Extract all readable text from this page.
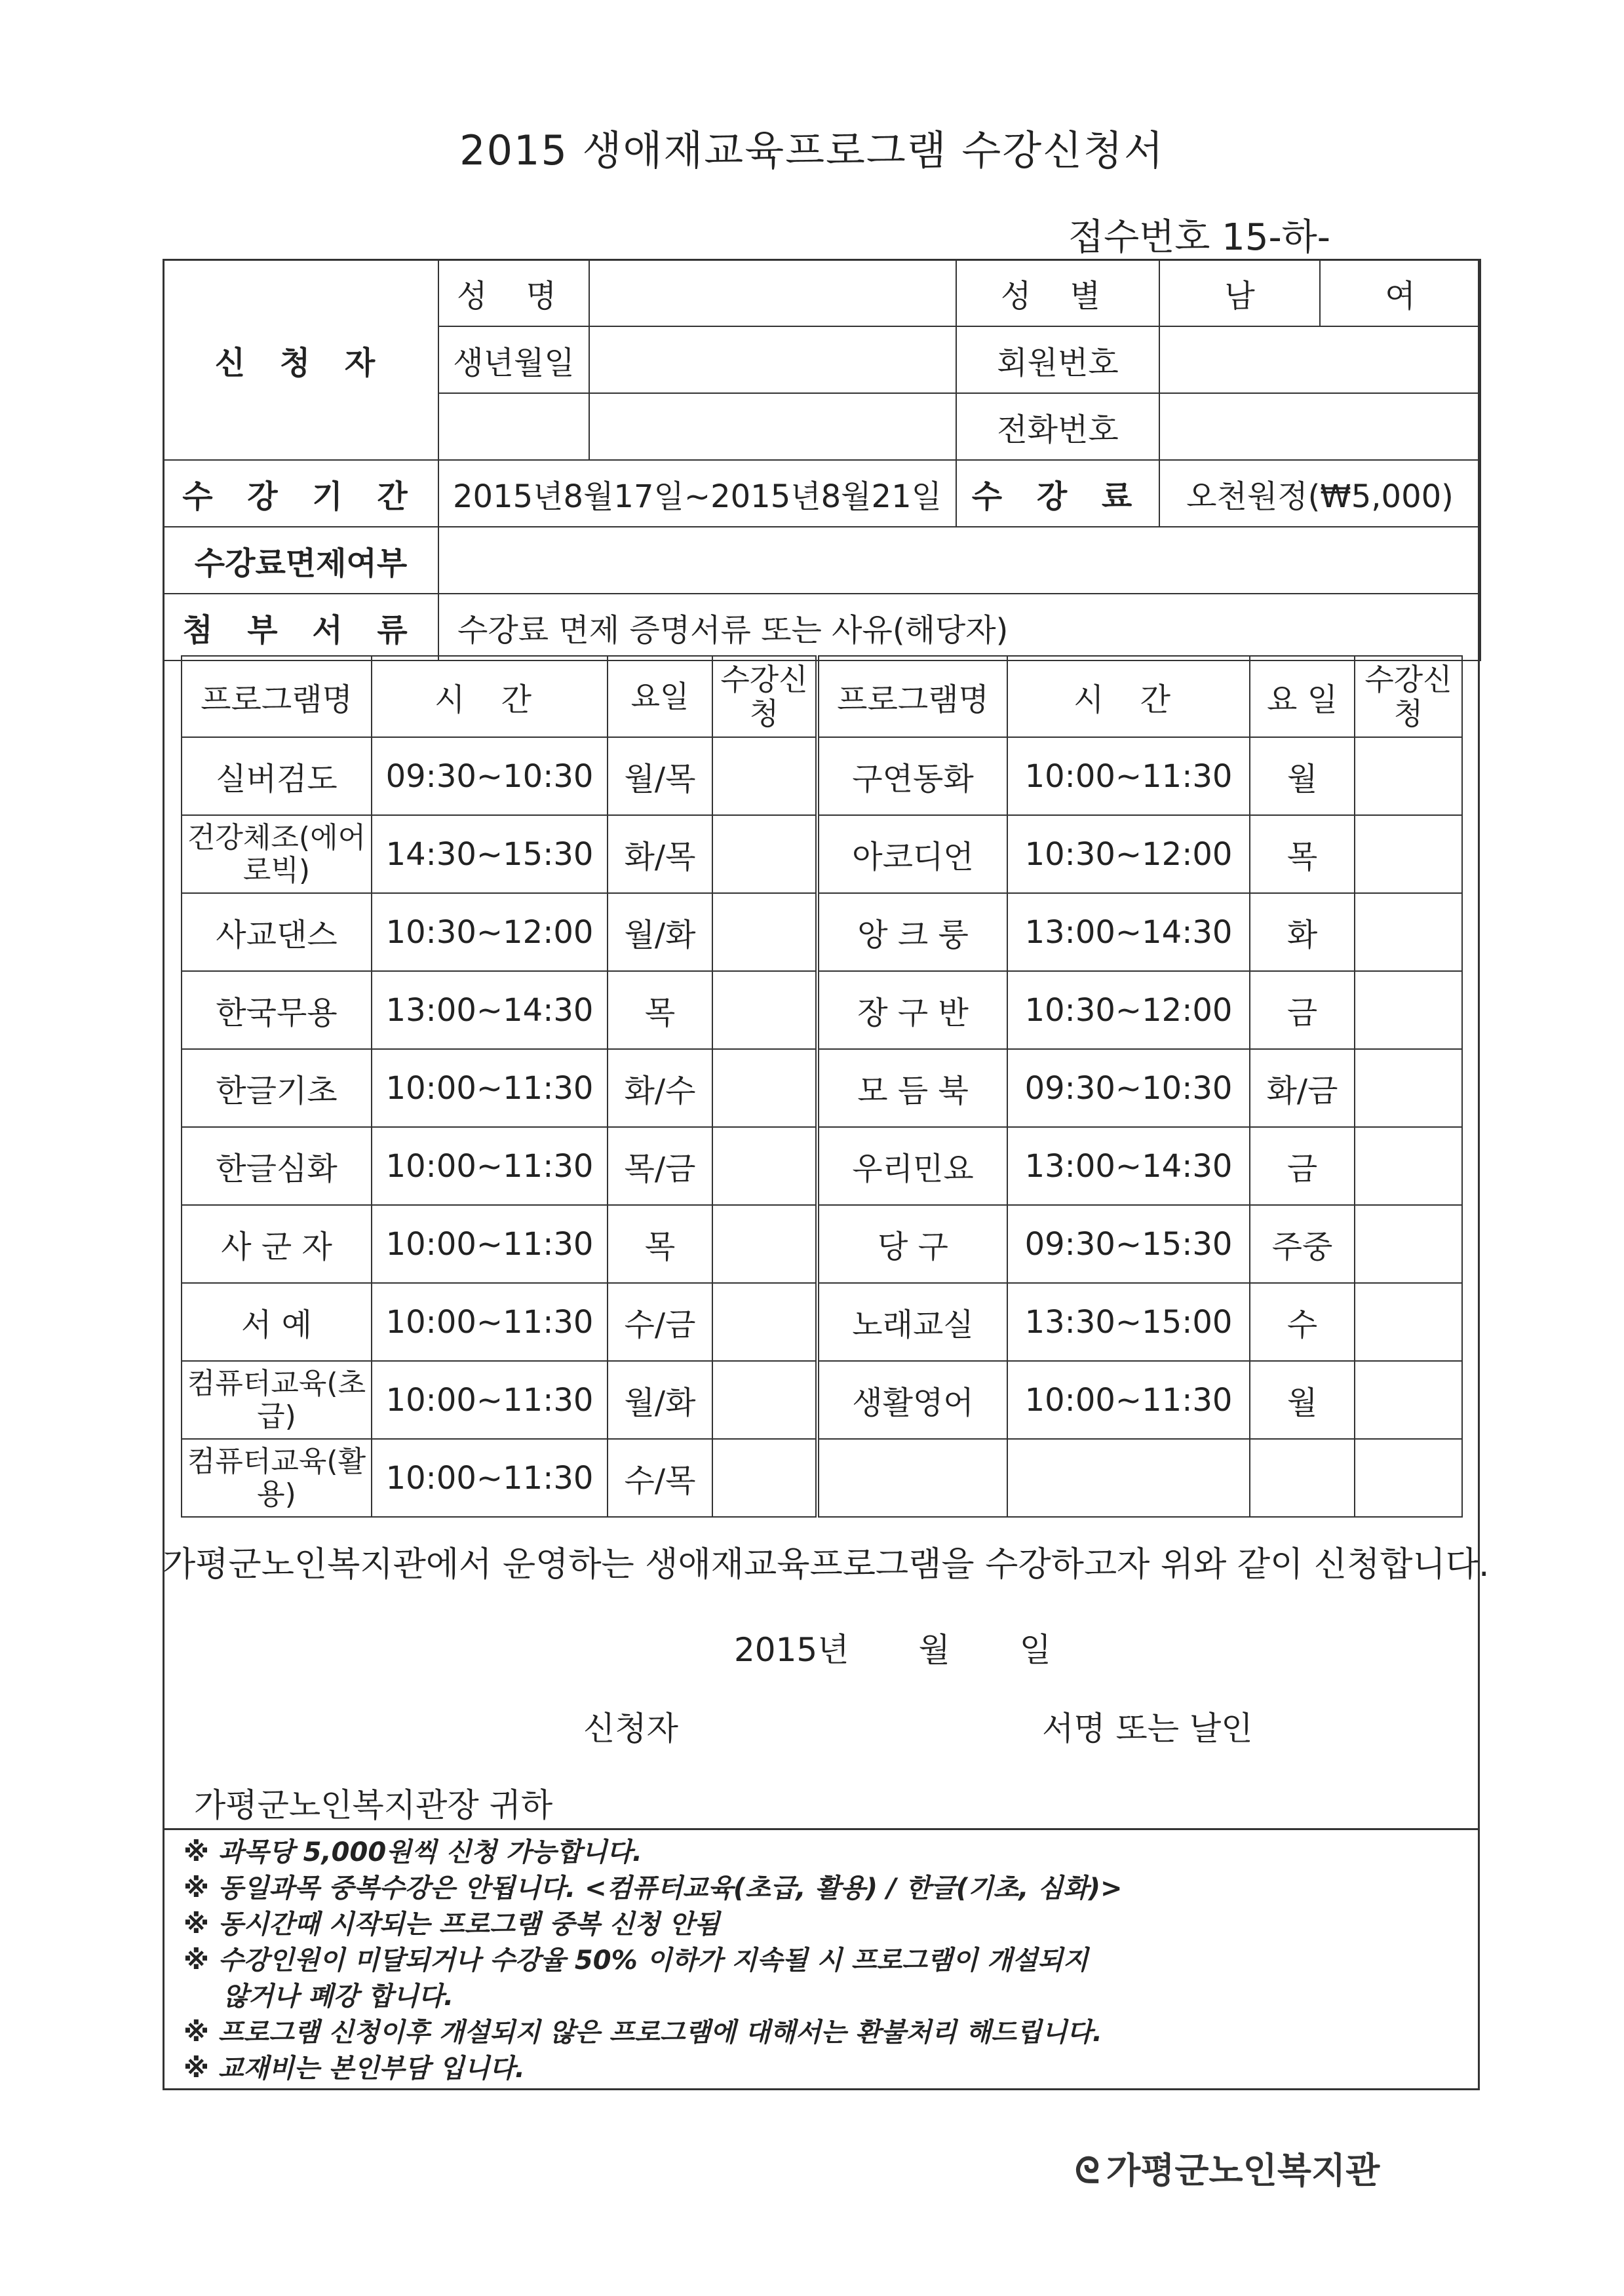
2015 생애재교육프로그램 수강신청서
접수번호 15-하-
신 청 자	성 명		성 별	남	여
	생년월일		회원번호		
			전화번호		
수 강 기 간	2015년8월17일~2015년8월21일		수 강 료	오천원정(₩5,000)	
수강료면제여부					
첨 부 서 류	수강료 면제 증명서류 또는 사유(해당자)				
프로그램명	시 간	요일	수강신청	프로그램명	시 간	요 일	수강신청
실버검도	09:30~10:30	월/목		구연동화	10:00~11:30	월	
건강체조(에어로빅)	14:30~15:30	화/목		아코디언	10:30~12:00	목	
사교댄스	10:30~12:00	월/화		앙 크 룽	13:00~14:30	화	
한국무용	13:00~14:30	목		장 구 반	10:30~12:00	금	
한글기초	10:00~11:30	화/수		모 듬 북	09:30~10:30	화/금	
한글심화	10:00~11:30	목/금		우리민요	13:00~14:30	금	
사 군 자	10:00~11:30	목		당 구	09:30~15:30	주중	
서 예	10:00~11:30	수/금		노래교실	13:30~15:00	수	
컴퓨터교육(초급)	10:00~11:30	월/화		생활영어	10:00~11:30	월	
컴퓨터교육(활용)	10:00~11:30	수/목					
가평군노인복지관에서 운영하는 생애재교육프로그램을 수강하고자 위와 같이 신청합니다.
2015년 월 일
신청자	서명 또는 날인
가평군노인복지관장 귀하
※ 과목당 5,000원씩 신청 가능합니다.
※ 동일과목 중복수강은 안됩니다. <컴퓨터교육(초급, 활용) / 한글(기초, 심화)>
※ 동시간때 시작되는 프로그램 중복 신청 안됨
※ 수강인원이 미달되거나 수강율 50% 이하가 지속될 시 프로그램이 개설되지
않거나 폐강 합니다.
※ 프로그램 신청이후 개설되지 않은 프로그램에 대해서는 환불처리 해드립니다.
※ 교재비는 본인부담 입니다.
ᘓ 가평군노인복지관
